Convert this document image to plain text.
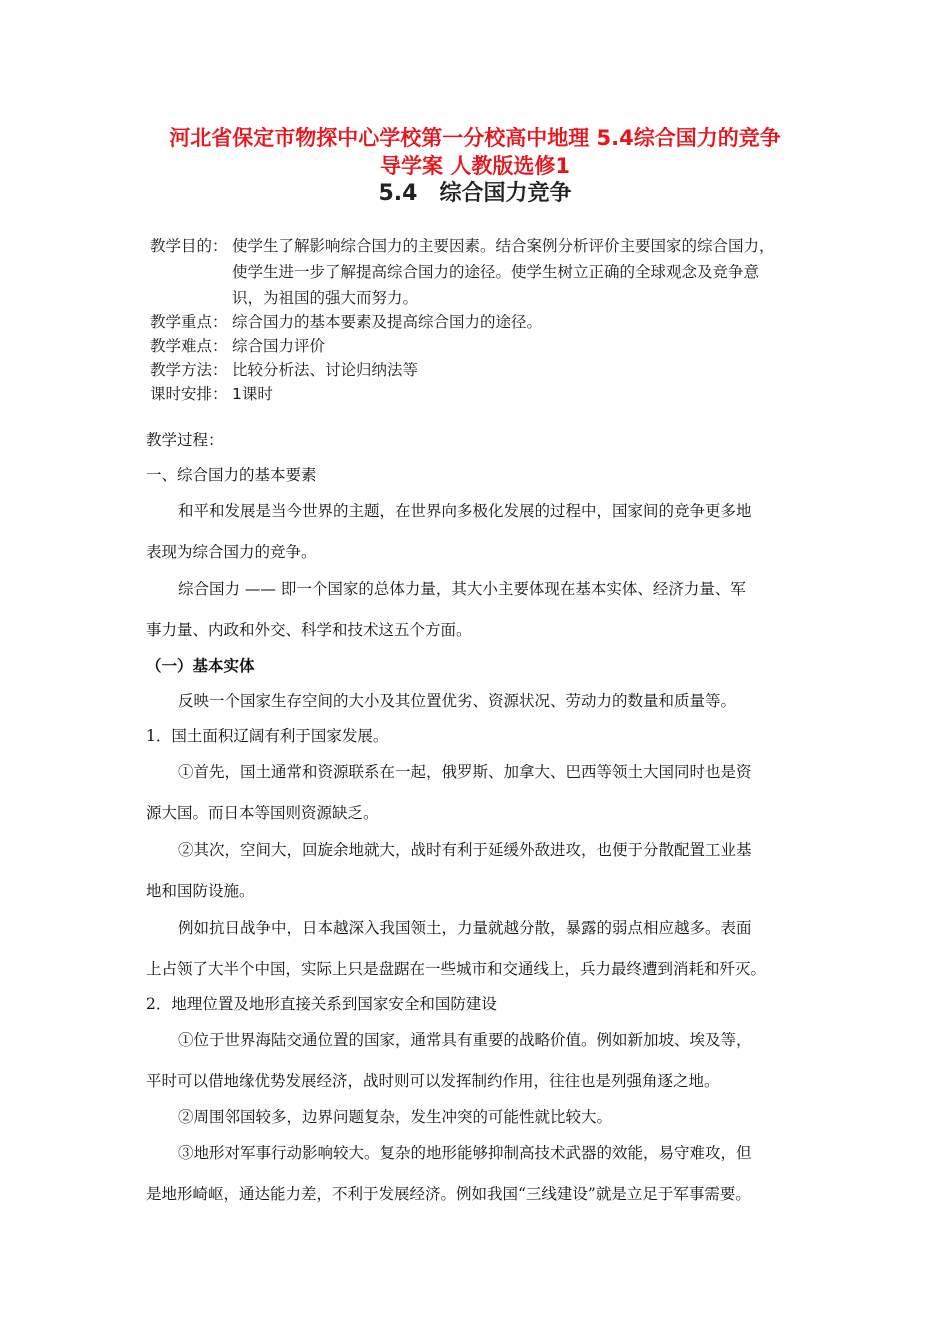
河北省保定市物探中心学校第一分校高中地理 5.4综合国力的竞争
导学案 人教版选修1
5.4　综合国力竞争
教学目的： 使学生了解影响综合国力的主要因素。结合案例分析评价主要国家的综合国力，
使学生进一步了解提高综合国力的途径。使学生树立正确的全球观念及竞争意
识，为祖国的强大而努力。
教学重点： 综合国力的基本要素及提高综合国力的途径。
教学难点： 综合国力评价
教学方法： 比较分析法、讨论归纳法等
课时安排： 1课时
教学过程：
一、综合国力的基本要素
和平和发展是当今世界的主题，在世界向多极化发展的过程中，国家间的竞争更多地
表现为综合国力的竞争。
综合国力 —— 即一个国家的总体力量，其大小主要体现在基本实体、经济力量、军
事力量、内政和外交、科学和技术这五个方面。
（一）基本实体
反映一个国家生存空间的大小及其位置优劣、资源状况、劳动力的数量和质量等。
1．国土面积辽阔有利于国家发展。
①首先，国土通常和资源联系在一起，俄罗斯、加拿大、巴西等领土大国同时也是资
源大国。而日本等国则资源缺乏。
②其次，空间大，回旋余地就大，战时有利于延缓外敌进攻，也便于分散配置工业基
地和国防设施。
例如抗日战争中，日本越深入我国领土，力量就越分散，暴露的弱点相应越多。表面
上占领了大半个中国，实际上只是盘踞在一些城市和交通线上，兵力最终遭到消耗和歼灭。
2．地理位置及地形直接关系到国家安全和国防建设
①位于世界海陆交通位置的国家，通常具有重要的战略价值。例如新加坡、埃及等，
平时可以借地缘优势发展经济，战时则可以发挥制约作用，往往也是列强角逐之地。
②周围邻国较多，边界问题复杂，发生冲突的可能性就比较大。
③地形对军事行动影响较大。复杂的地形能够抑制高技术武器的效能，易守难攻，但
是地形崎岖，通达能力差，不利于发展经济。例如我国“三线建设”就是立足于军事需要。
